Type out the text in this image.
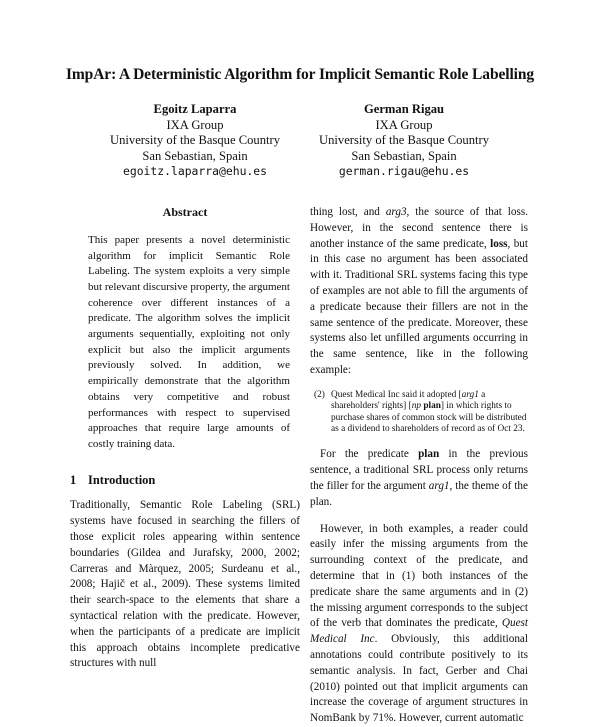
ImpAr: A Deterministic Algorithm for Implicit Semantic Role Labelling
Egoitz Laparra
IXA Group
University of the Basque Country
San Sebastian, Spain
egoitz.laparra@ehu.es
German Rigau
IXA Group
University of the Basque Country
San Sebastian, Spain
german.rigau@ehu.es
Abstract

This paper presents a novel deterministic algorithm for implicit Semantic Role Labeling. The system exploits a very simple but relevant discursive property, the argument coherence over different instances of a predicate. The algorithm solves the implicit arguments sequentially, exploiting not only explicit but also the implicit arguments previously solved. In addition, we empirically demonstrate that the algorithm obtains very competitive and robust performances with respect to supervised approaches that require large amounts of costly training data.

1 Introduction

Traditionally, Semantic Role Labeling (SRL) systems have focused in searching the fillers of those explicit roles appearing within sentence boundaries (Gildea and Jurafsky, 2000, 2002; Carreras and Màrquez, 2005; Surdeanu et al., 2008; Hajič et al., 2009). These systems limited their search-space to the elements that share a syntactical relation with the predicate. However, when the participants of a predicate are implicit this approach obtains incomplete predicative structures with null

thing lost, and arg3, the source of that loss. However, in the second sentence there is another instance of the same predicate, loss, but in this case no argument has been associated with it. Traditional SRL systems facing this type of examples are not able to fill the arguments of a predicate because their fillers are not in the same sentence of the predicate. Moreover, these systems also let unfilled arguments occurring in the same sentence, like in the following example:

(2) Quest Medical Inc said it adopted [arg1 a shareholders' rights] [np plan] in which rights to purchase shares of common stock will be distributed as a dividend to shareholders of record as of Oct 23.

For the predicate plan in the previous sentence, a traditional SRL process only returns the filler for the argument arg1, the theme of the plan.

However, in both examples, a reader could easily infer the missing arguments from the surrounding context of the predicate, and determine that in (1) both instances of the predicate share the same arguments and in (2) the missing argument corresponds to the subject of the verb that dominates the predicate, Quest Medical Inc. Obviously, this additional annotations could contribute positively to its semantic analysis. In fact, Gerber and Chai (2010) pointed out that implicit arguments can increase the coverage of argument structures in NomBank by 71%. However, current automatic
